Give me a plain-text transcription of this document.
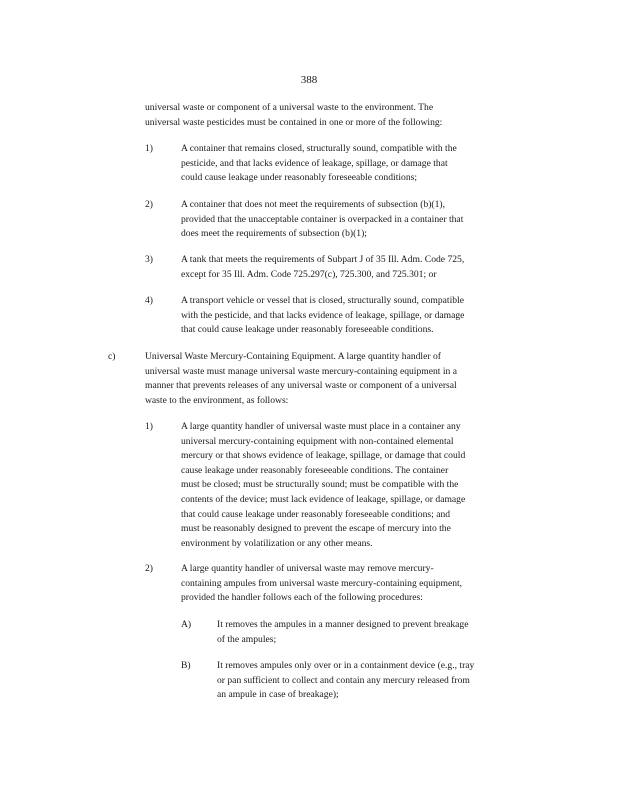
388
universal waste or component of a universal waste to the environment. The
universal waste pesticides must be contained in one or more of the following:
1)	A container that remains closed, structurally sound, compatible with the
pesticide, and that lacks evidence of leakage, spillage, or damage that
could cause leakage under reasonably foreseeable conditions;
2)	A container that does not meet the requirements of subsection (b)(1),
provided that the unacceptable container is overpacked in a container that
does meet the requirements of subsection (b)(1);
3)	A tank that meets the requirements of Subpart J of 35 Ill. Adm. Code 725,
except for 35 Ill. Adm. Code 725.297(c), 725.300, and 725.301; or
4)	A transport vehicle or vessel that is closed, structurally sound, compatible
with the pesticide, and that lacks evidence of leakage, spillage, or damage
that could cause leakage under reasonably foreseeable conditions.
c)	Universal Waste Mercury-Containing Equipment. A large quantity handler of
universal waste must manage universal waste mercury-containing equipment in a
manner that prevents releases of any universal waste or component of a universal
waste to the environment, as follows:
1)	A large quantity handler of universal waste must place in a container any
universal mercury-containing equipment with non-contained elemental
mercury or that shows evidence of leakage, spillage, or damage that could
cause leakage under reasonably foreseeable conditions. The container
must be closed; must be structurally sound; must be compatible with the
contents of the device; must lack evidence of leakage, spillage, or damage
that could cause leakage under reasonably foreseeable conditions; and
must be reasonably designed to prevent the escape of mercury into the
environment by volatilization or any other means.
2)	A large quantity handler of universal waste may remove mercury-
containing ampules from universal waste mercury-containing equipment,
provided the handler follows each of the following procedures:
A)	It removes the ampules in a manner designed to prevent breakage
of the ampules;
B)	It removes ampules only over or in a containment device (e.g., tray
or pan sufficient to collect and contain any mercury released from
an ampule in case of breakage);
